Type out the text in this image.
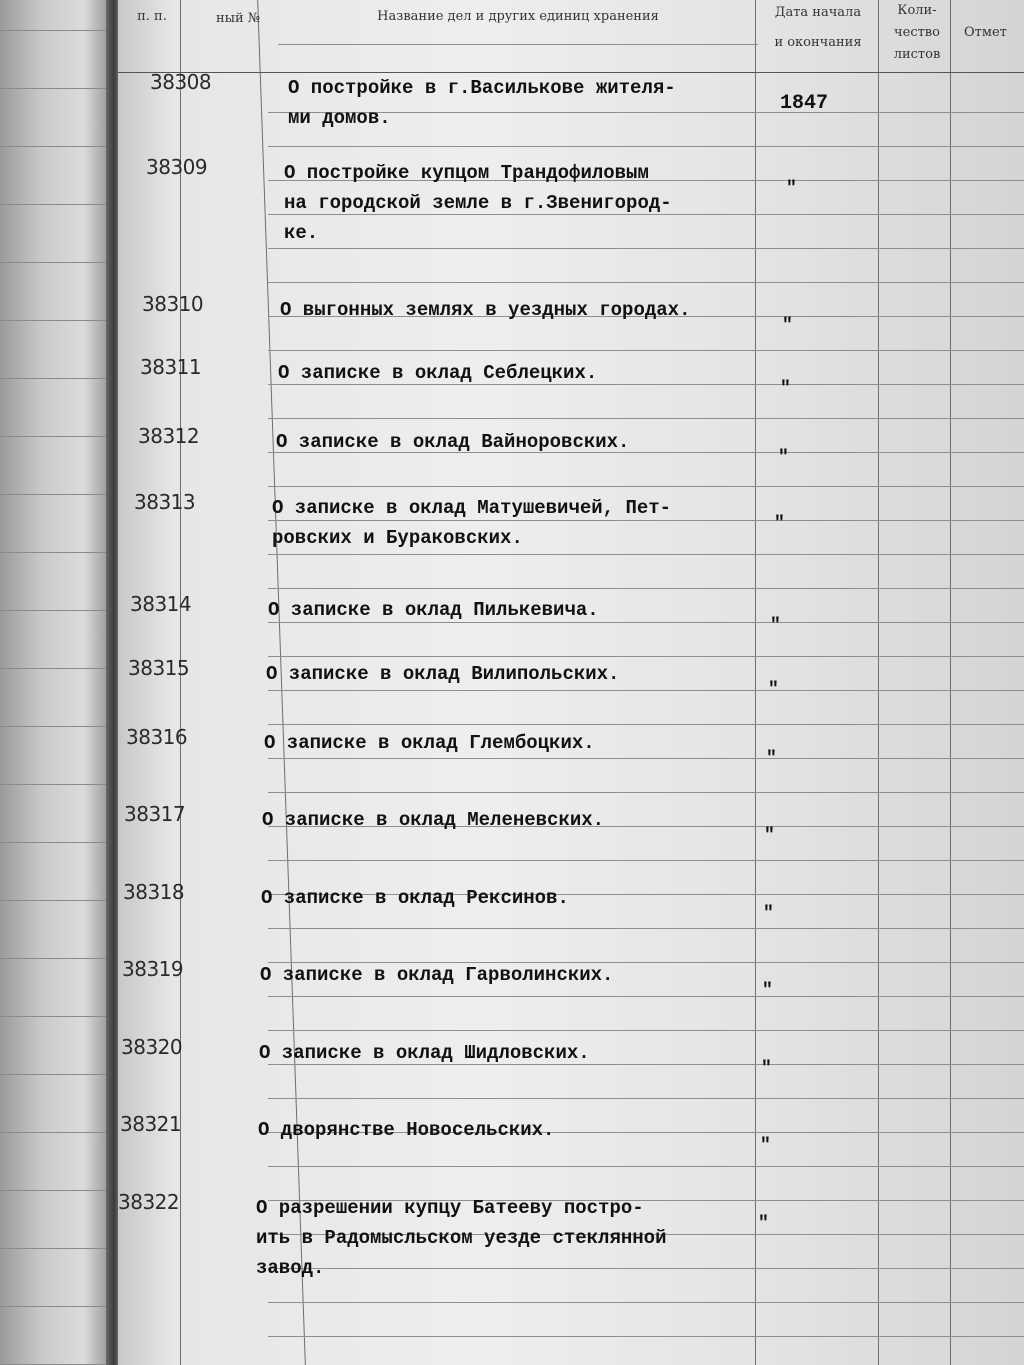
п. п.	ный №	Название дел и других единиц хранения	Дата начала
и окончания
Коли-
чество
листов
Отмет
38308	О постройке в г.Василькове жителя-
ми домов.
1847
38309	О постройке купцом Трандофиловым
на городской земле в г.Звенигород-
ке.
"
38310	О выгонных землях в уездных городах.
"
38311	О записке в оклад Себлецких.
"
38312	О записке в оклад Вайноровских.
"
38313	О записке в оклад Матушевичей, Пет-
ровских и Бураковских.
"
38314	О записке в оклад Пилькевича.
"
38315	О записке в оклад Вилипольских.
"
38316	О записке в оклад Глембоцких.
"
38317	О записке в оклад Меленевских.
"
38318	О записке в оклад Рексинов.
"
38319	О записке в оклад Гарволинских.
"
38320	О записке в оклад Шидловских.
"
38321	О дворянстве Новосельских.
"
38322	О разрешении купцу Батееву постро-
ить в Радомысльском уезде стеклянной
завод.
"
